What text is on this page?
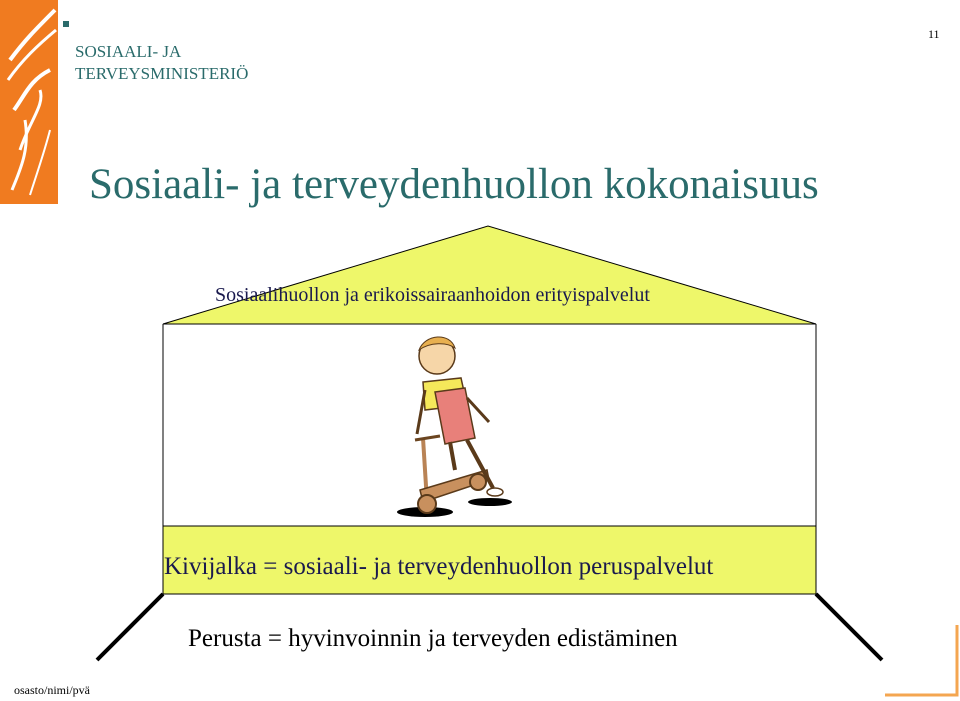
SOSIAALI- JA
TERVEYSMINISTERIÖ
11
Sosiaali- ja terveydenhuollon kokonaisuus
Sosiaalihuollon ja erikoissairaanhoidon erityispalvelut
Kivijalka = sosiaali- ja terveydenhuollon peruspalvelut
Perusta = hyvinvoinnin ja terveyden edistäminen
osasto/nimi/pvä
